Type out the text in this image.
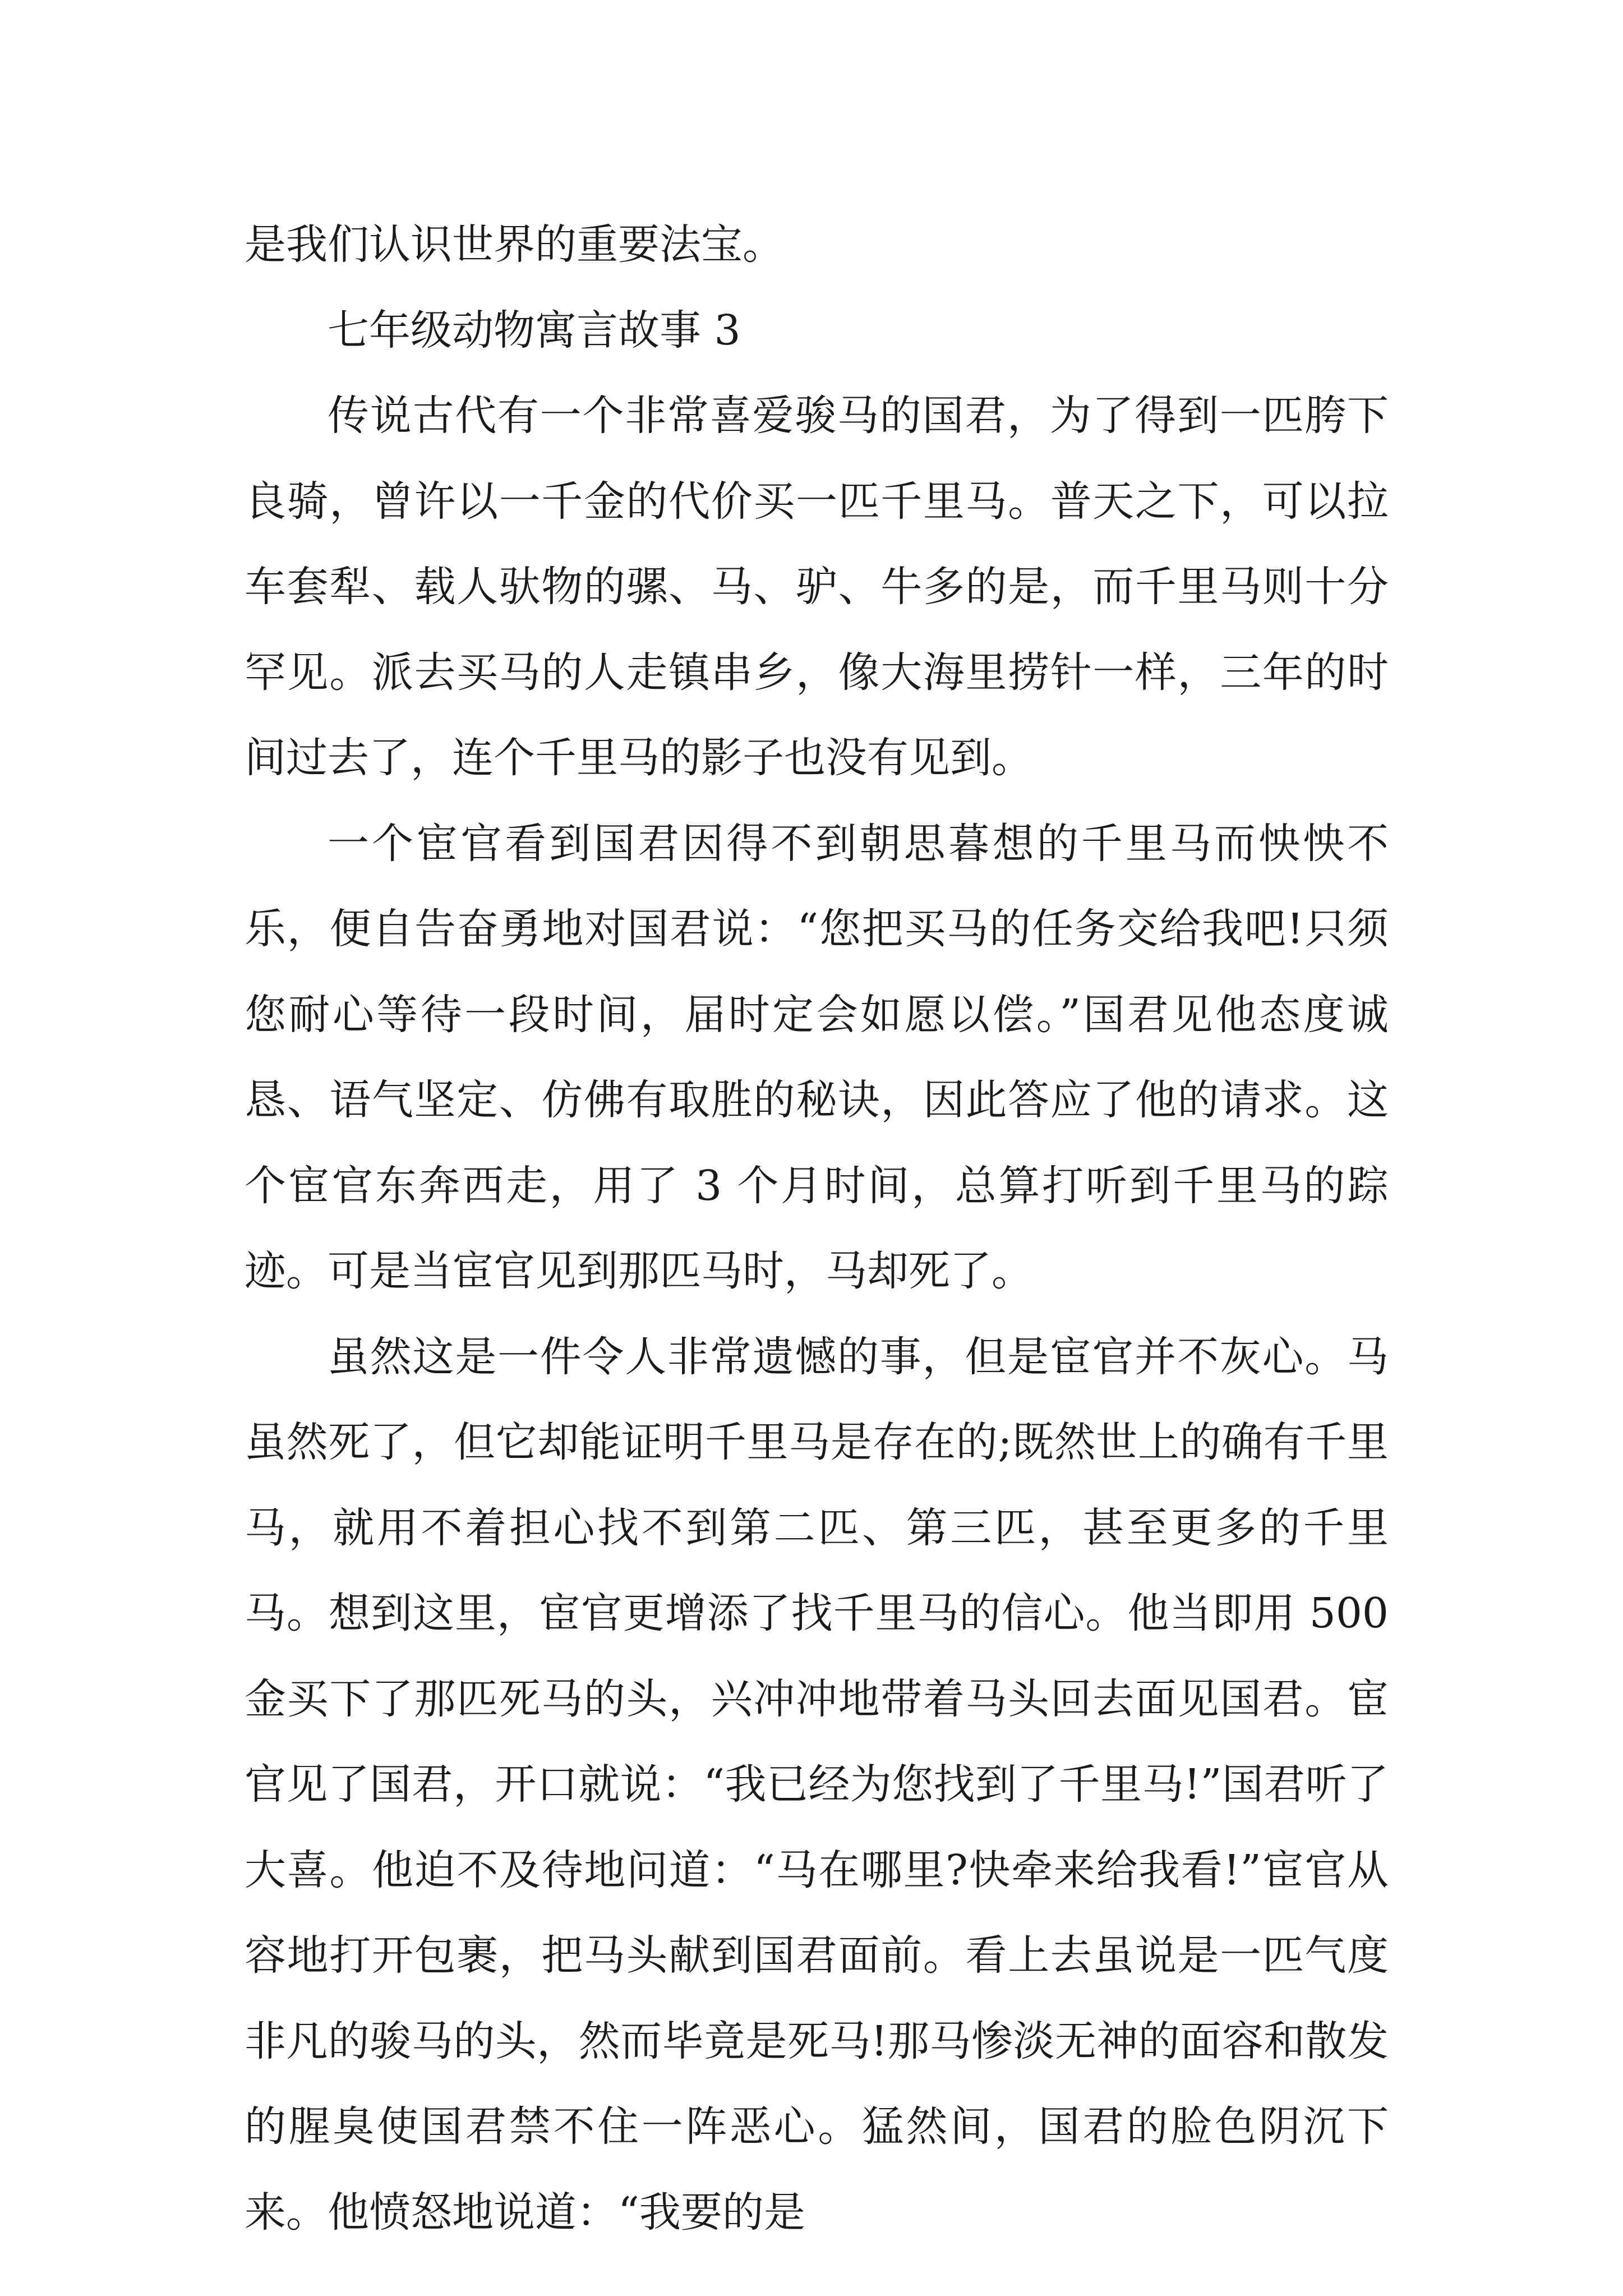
是我们认识世界的重要法宝。

七年级动物寓言故事 3

传说古代有一个非常喜爱骏马的国君，为了得到一匹胯下良骑，曾许以一千金的代价买一匹千里马。普天之下，可以拉车套犁、载人驮物的骡、马、驴、牛多的是，而千里马则十分罕见。派去买马的人走镇串乡，像大海里捞针一样，三年的时间过去了，连个千里马的影子也没有见到。

一个宦官看到国君因得不到朝思暮想的千里马而怏怏不乐，便自告奋勇地对国君说：“您把买马的任务交给我吧!只须您耐心等待一段时间，届时定会如愿以偿。”国君见他态度诚恳、语气坚定、仿佛有取胜的秘诀，因此答应了他的请求。这个宦官东奔西走，用了 3 个月时间，总算打听到千里马的踪迹。可是当宦官见到那匹马时，马却死了。

虽然这是一件令人非常遗憾的事，但是宦官并不灰心。马虽然死了，但它却能证明千里马是存在的;既然世上的确有千里马，就用不着担心找不到第二匹、第三匹，甚至更多的千里马。想到这里，宦官更增添了找千里马的信心。他当即用 500 金买下了那匹死马的头，兴冲冲地带着马头回去面见国君。宦官见了国君，开口就说：“我已经为您找到了千里马!”国君听了大喜。他迫不及待地问道：“马在哪里?快牵来给我看!”宦官从容地打开包裹，把马头献到国君面前。看上去虽说是一匹气度非凡的骏马的头，然而毕竟是死马!那马惨淡无神的面容和散发的腥臭使国君禁不住一阵恶心。猛然间，国君的脸色阴沉下来。他愤怒地说道：“我要的是
